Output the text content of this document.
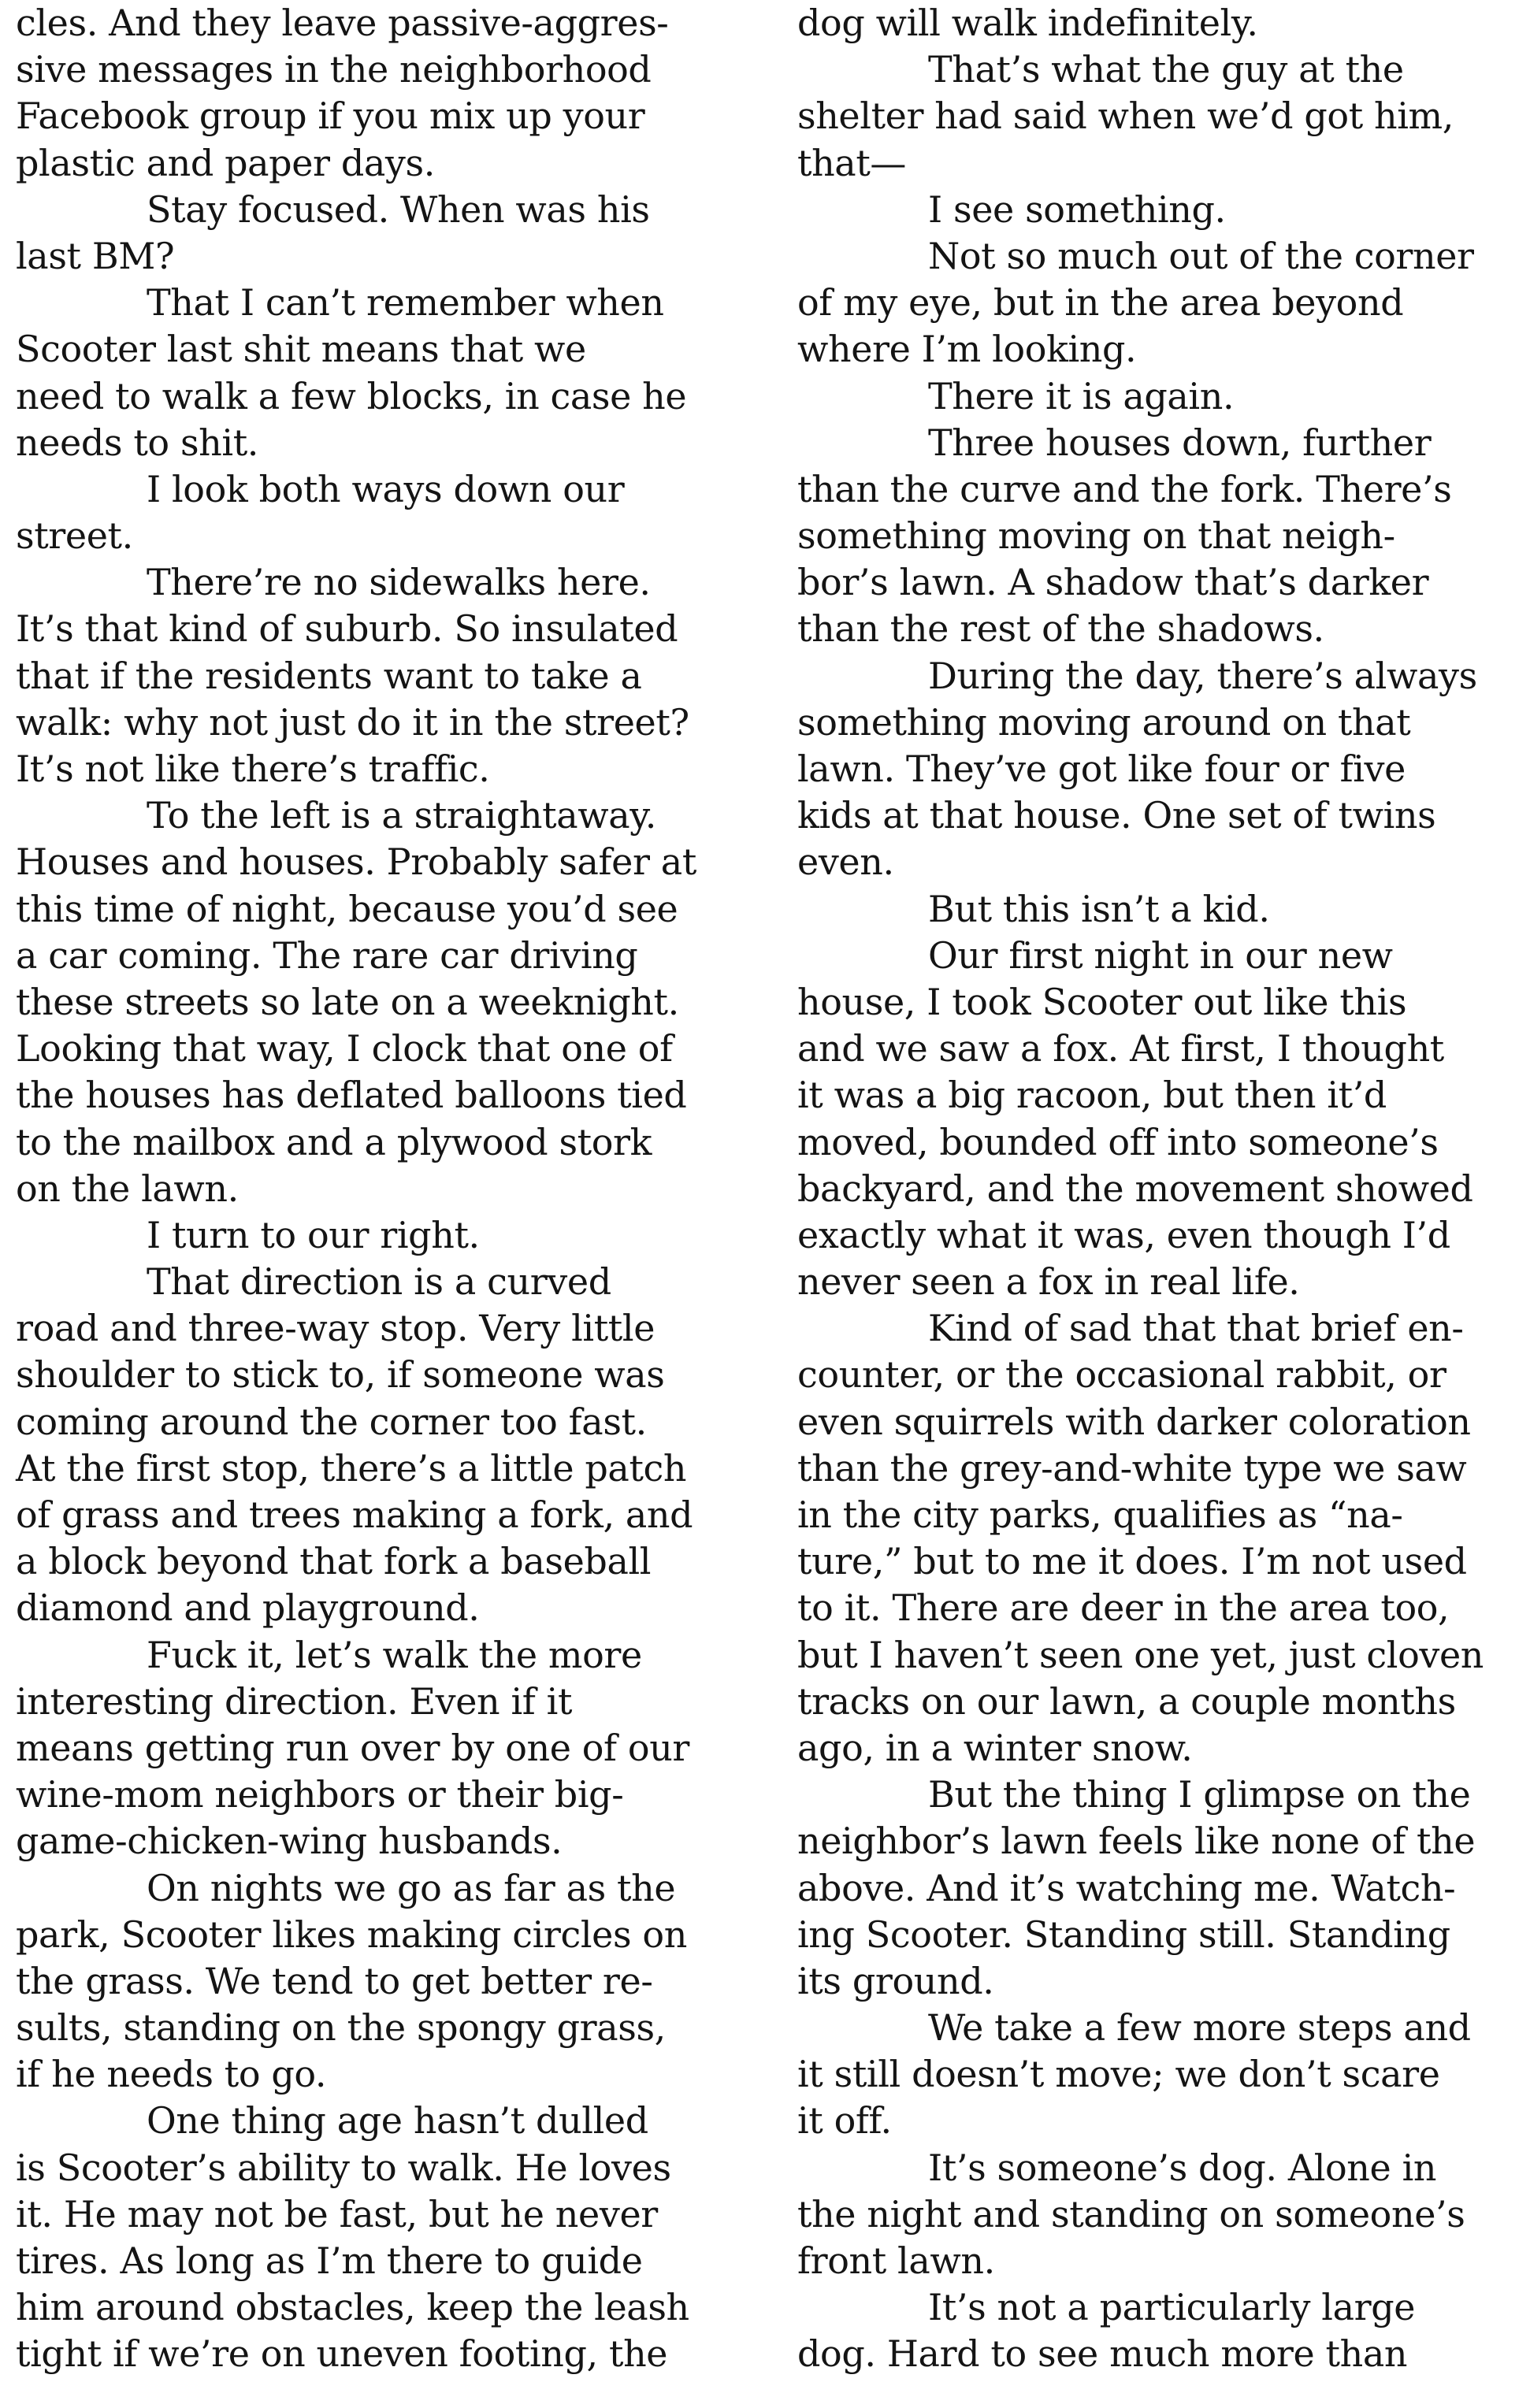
cles. And they leave passive-aggres-
sive messages in the neighborhood
Facebook group if you mix up your
plastic and paper days.
Stay focused. When was his
last BM?
That I can’t remember when
Scooter last shit means that we
need to walk a few blocks, in case he
needs to shit.
I look both ways down our
street.
There’re no sidewalks here.
It’s that kind of suburb. So insulated
that if the residents want to take a
walk: why not just do it in the street?
It’s not like there’s traffic.
To the left is a straightaway.
Houses and houses. Probably safer at
this time of night, because you’d see
a car coming. The rare car driving
these streets so late on a weeknight.
Looking that way, I clock that one of
the houses has deflated balloons tied
to the mailbox and a plywood stork
on the lawn.
I turn to our right.
That direction is a curved
road and three-way stop. Very little
shoulder to stick to, if someone was
coming around the corner too fast.
At the first stop, there’s a little patch
of grass and trees making a fork, and
a block beyond that fork a baseball
diamond and playground.
Fuck it, let’s walk the more
interesting direction. Even if it
means getting run over by one of our
wine-mom neighbors or their big-
game-chicken-wing husbands.
On nights we go as far as the
park, Scooter likes making circles on
the grass. We tend to get better re-
sults, standing on the spongy grass,
if he needs to go.
One thing age hasn’t dulled
is Scooter’s ability to walk. He loves
it. He may not be fast, but he never
tires. As long as I’m there to guide
him around obstacles, keep the leash
tight if we’re on uneven footing, the
dog will walk indefinitely.
That’s what the guy at the
shelter had said when we’d got him,
that—
I see something.
Not so much out of the corner
of my eye, but in the area beyond
where I’m looking.
There it is again.
Three houses down, further
than the curve and the fork. There’s
something moving on that neigh-
bor’s lawn. A shadow that’s darker
than the rest of the shadows.
During the day, there’s always
something moving around on that
lawn. They’ve got like four or five
kids at that house. One set of twins
even.
But this isn’t a kid.
Our first night in our new
house, I took Scooter out like this
and we saw a fox. At first, I thought
it was a big racoon, but then it’d
moved, bounded off into someone’s
backyard, and the movement showed
exactly what it was, even though I’d
never seen a fox in real life.
Kind of sad that that brief en-
counter, or the occasional rabbit, or
even squirrels with darker coloration
than the grey-and-white type we saw
in the city parks, qualifies as “na-
ture,” but to me it does. I’m not used
to it. There are deer in the area too,
but I haven’t seen one yet, just cloven
tracks on our lawn, a couple months
ago, in a winter snow.
But the thing I glimpse on the
neighbor’s lawn feels like none of the
above. And it’s watching me. Watch-
ing Scooter. Standing still. Standing
its ground.
We take a few more steps and
it still doesn’t move; we don’t scare
it off.
It’s someone’s dog. Alone in
the night and standing on someone’s
front lawn.
It’s not a particularly large
dog. Hard to see much more than
